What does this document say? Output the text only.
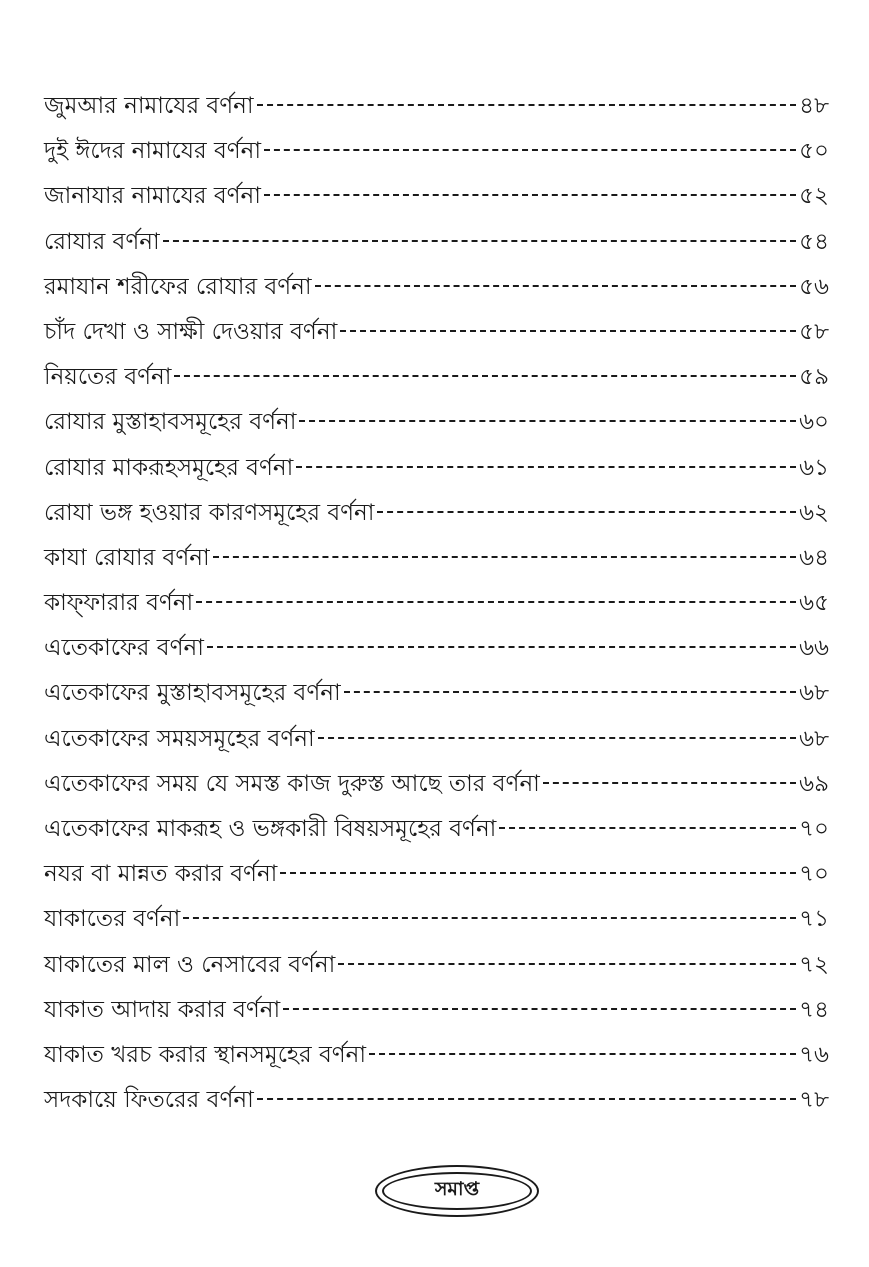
জুমআর নামাযের বর্ণনা	৪৮
দুই ঈদের নামাযের বর্ণনা	৫০
জানাযার নামাযের বর্ণনা	৫২
রোযার বর্ণনা	৫৪
রমাযান শরীফের রোযার বর্ণনা	৫৬
চাঁদ দেখা ও সাক্ষী দেওয়ার বর্ণনা	৫৮
নিয়তের বর্ণনা	৫৯
রোযার মুস্তাহাবসমূহের বর্ণনা	৬০
রোযার মাকরূহসমূহের বর্ণনা	৬১
রোযা ভঙ্গ হওয়ার কারণসমূহের বর্ণনা	৬২
কাযা রোযার বর্ণনা	৬৪
কাফ্ফারার বর্ণনা	৬৫
এতেকাফের বর্ণনা	৬৬
এতেকাফের মুস্তাহাবসমূহের বর্ণনা	৬৮
এতেকাফের সময়সমূহের বর্ণনা	৬৮
এতেকাফের সময় যে সমস্ত কাজ দুরুস্ত আছে তার বর্ণনা	৬৯
এতেকাফের মাকরূহ ও ভঙ্গকারী বিষয়সমূহের বর্ণনা	৭০
নযর বা মান্নত করার বর্ণনা	৭০
যাকাতের বর্ণনা	৭১
যাকাতের মাল ও নেসাবের বর্ণনা	৭২
যাকাত আদায় করার বর্ণনা	৭৪
যাকাত খরচ করার স্থানসমূহের বর্ণনা	৭৬
সদকায়ে ফিতরের বর্ণনা	৭৮
সমাপ্ত
